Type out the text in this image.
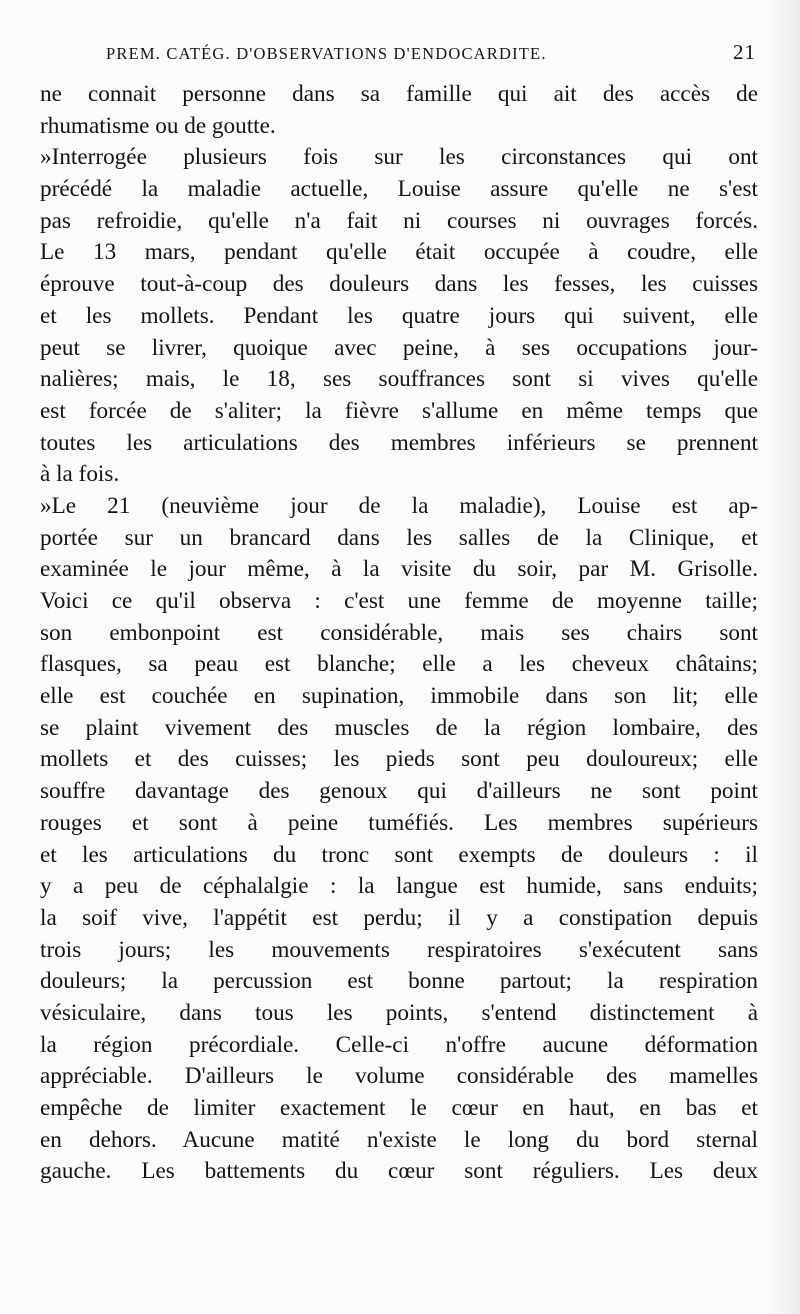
PREM. CATÉG. D'OBSERVATIONS D'ENDOCARDITE.	21
ne connait personne dans sa famille qui ait des accès de
rhumatisme ou de goutte.
»Interrogée plusieurs fois sur les circonstances qui ont
précédé la maladie actuelle, Louise assure qu'elle ne s'est
pas refroidie, qu'elle n'a fait ni courses ni ouvrages forcés.
Le 13 mars, pendant qu'elle était occupée à coudre, elle
éprouve tout-à-coup des douleurs dans les fesses, les cuisses
et les mollets. Pendant les quatre jours qui suivent, elle
peut se livrer, quoique avec peine, à ses occupations jour-
nalières; mais, le 18, ses souffrances sont si vives qu'elle
est forcée de s'aliter; la fièvre s'allume en même temps que
toutes les articulations des membres inférieurs se prennent
à la fois.
»Le 21 (neuvième jour de la maladie), Louise est ap-
portée sur un brancard dans les salles de la Clinique, et
examinée le jour même, à la visite du soir, par M. Grisolle.
Voici ce qu'il observa : c'est une femme de moyenne taille;
son embonpoint est considérable, mais ses chairs sont
flasques, sa peau est blanche; elle a les cheveux châtains;
elle est couchée en supination, immobile dans son lit; elle
se plaint vivement des muscles de la région lombaire, des
mollets et des cuisses; les pieds sont peu douloureux; elle
souffre davantage des genoux qui d'ailleurs ne sont point
rouges et sont à peine tuméfiés. Les membres supérieurs
et les articulations du tronc sont exempts de douleurs : il
y a peu de céphalalgie : la langue est humide, sans enduits;
la soif vive, l'appétit est perdu; il y a constipation depuis
trois jours; les mouvements respiratoires s'exécutent sans
douleurs; la percussion est bonne partout; la respiration
vésiculaire, dans tous les points, s'entend distinctement à
la région précordiale. Celle-ci n'offre aucune déformation
appréciable. D'ailleurs le volume considérable des mamelles
empêche de limiter exactement le cœur en haut, en bas et
en dehors. Aucune matité n'existe le long du bord sternal
gauche. Les battements du cœur sont réguliers. Les deux
